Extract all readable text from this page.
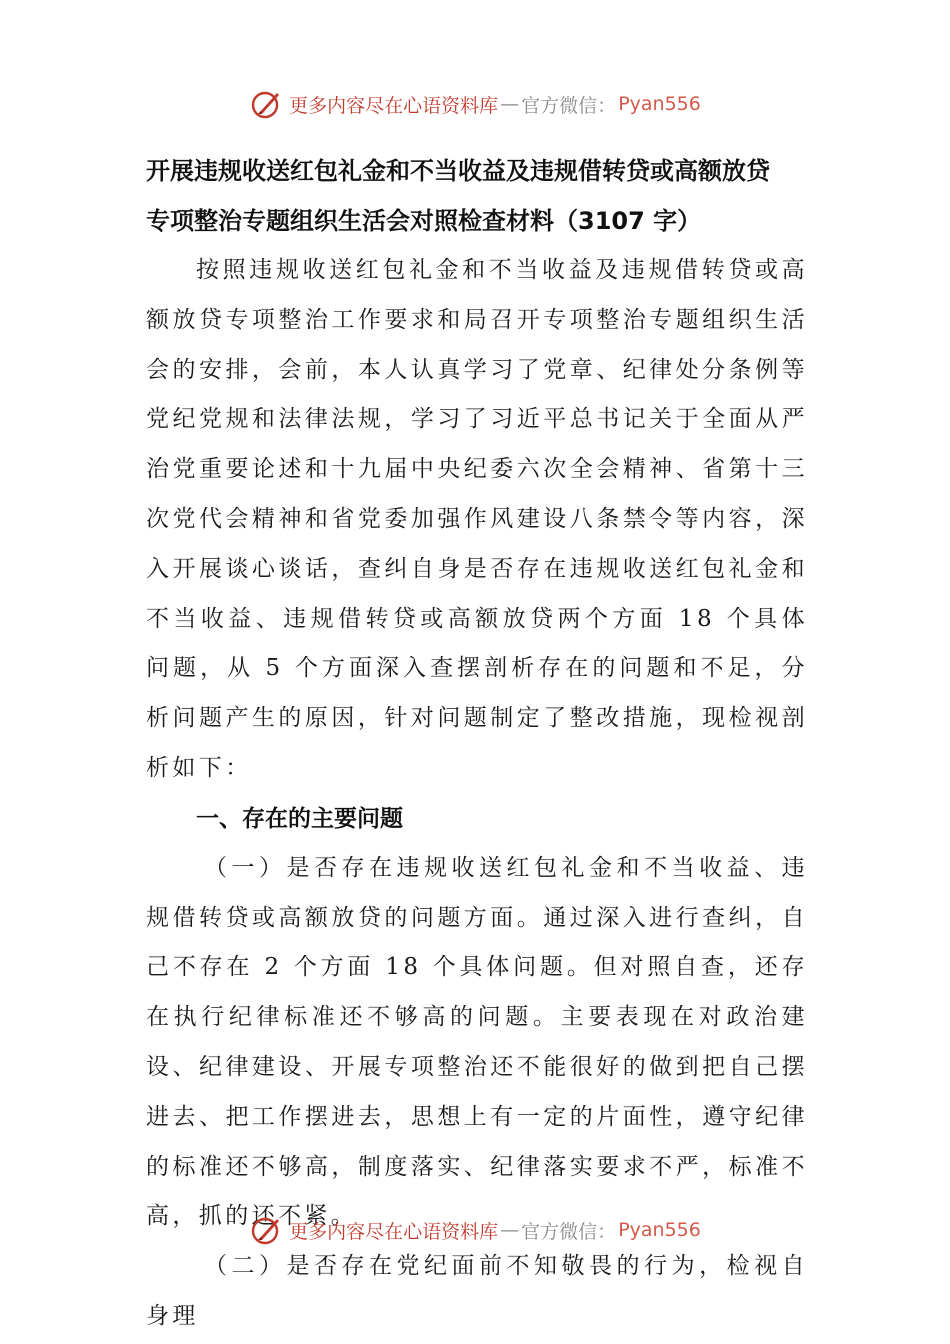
更多内容尽在心语资料库 — 官方微信： Pyan556

开展违规收送红包礼金和不当收益及违规借转贷或高额放贷

专项整治专题组织生活会对照检查材料（3107 字）

按照违规收送红包礼金和不当收益及违规借转贷或高额放贷专项整治工作要求和局召开专项整治专题组织生活会的安排，会前，本人认真学习了党章、纪律处分条例等党纪党规和法律法规，学习了习近平总书记关于全面从严治党重要论述和十九届中央纪委六次全会精神、省第十三次党代会精神和省党委加强作风建设八条禁令等内容，深入开展谈心谈话，查纠自身是否存在违规收送红包礼金和不当收益、违规借转贷或高额放贷两个方面 18 个具体问题，从 5 个方面深入查摆剖析存在的问题和不足，分析问题产生的原因，针对问题制定了整改措施，现检视剖析如下：

一、存在的主要问题

（一）是否存在违规收送红包礼金和不当收益、违规借转贷或高额放贷的问题方面。通过深入进行查纠，自己不存在 2 个方面 18 个具体问题。但对照自查，还存在执行纪律标准还不够高的问题。主要表现在对政治建设、纪律建设、开展专项整治还不能很好的做到把自己摆进去、把工作摆进去，思想上有一定的片面性，遵守纪律的标准还不够高，制度落实、纪律落实要求不严，标准不高，抓的还不紧。

（二）是否存在党纪面前不知敬畏的行为，检视自身理

更多内容尽在心语资料库 — 官方微信： Pyan556
